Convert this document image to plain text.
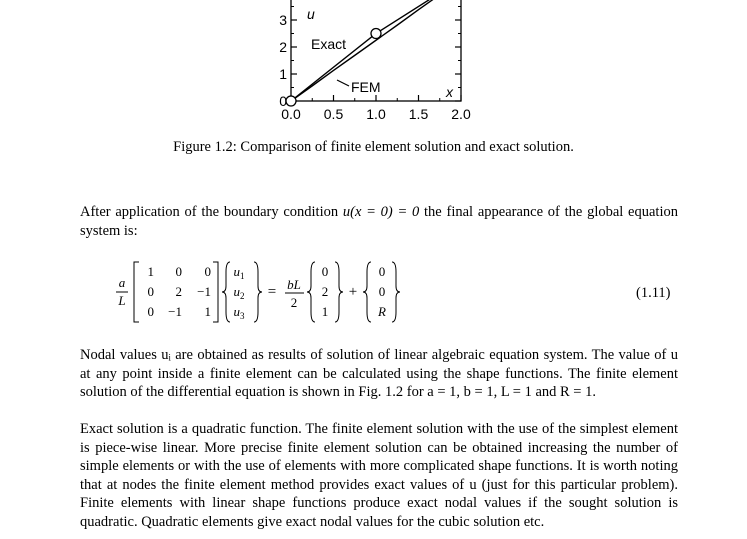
0.0 0.5 1.0 1.5 2.0
0
1
2
3
Exact
FEM	x
u
Figure 1.2: Comparison of finite element solution and exact solution.

After application of the boundary condition u(x = 0) = 0 the final appearance of the global equation system is:

a
L
1 0 0
0 2 −1
0 −1 1
$u_1$
$u_2$
$u_3$
= bL
2
0
2
1
+
0
0
R
(1.11)

Nodal values uᵢ are obtained as results of solution of linear algebraic equation system. The value of u at any point inside a finite element can be calculated using the shape functions. The finite element solution of the differential equation is shown in Fig. 1.2 for a = 1, b = 1, L = 1 and R = 1.

Exact solution is a quadratic function. The finite element solution with the use of the simplest element is piece-wise linear. More precise finite element solution can be obtained increasing the number of simple elements or with the use of elements with more complicated shape functions. It is worth noting that at nodes the finite element method provides exact values of u (just for this particular problem). Finite elements with linear shape functions produce exact nodal values if the sought solution is quadratic. Quadratic elements give exact nodal values for the cubic solution etc.
